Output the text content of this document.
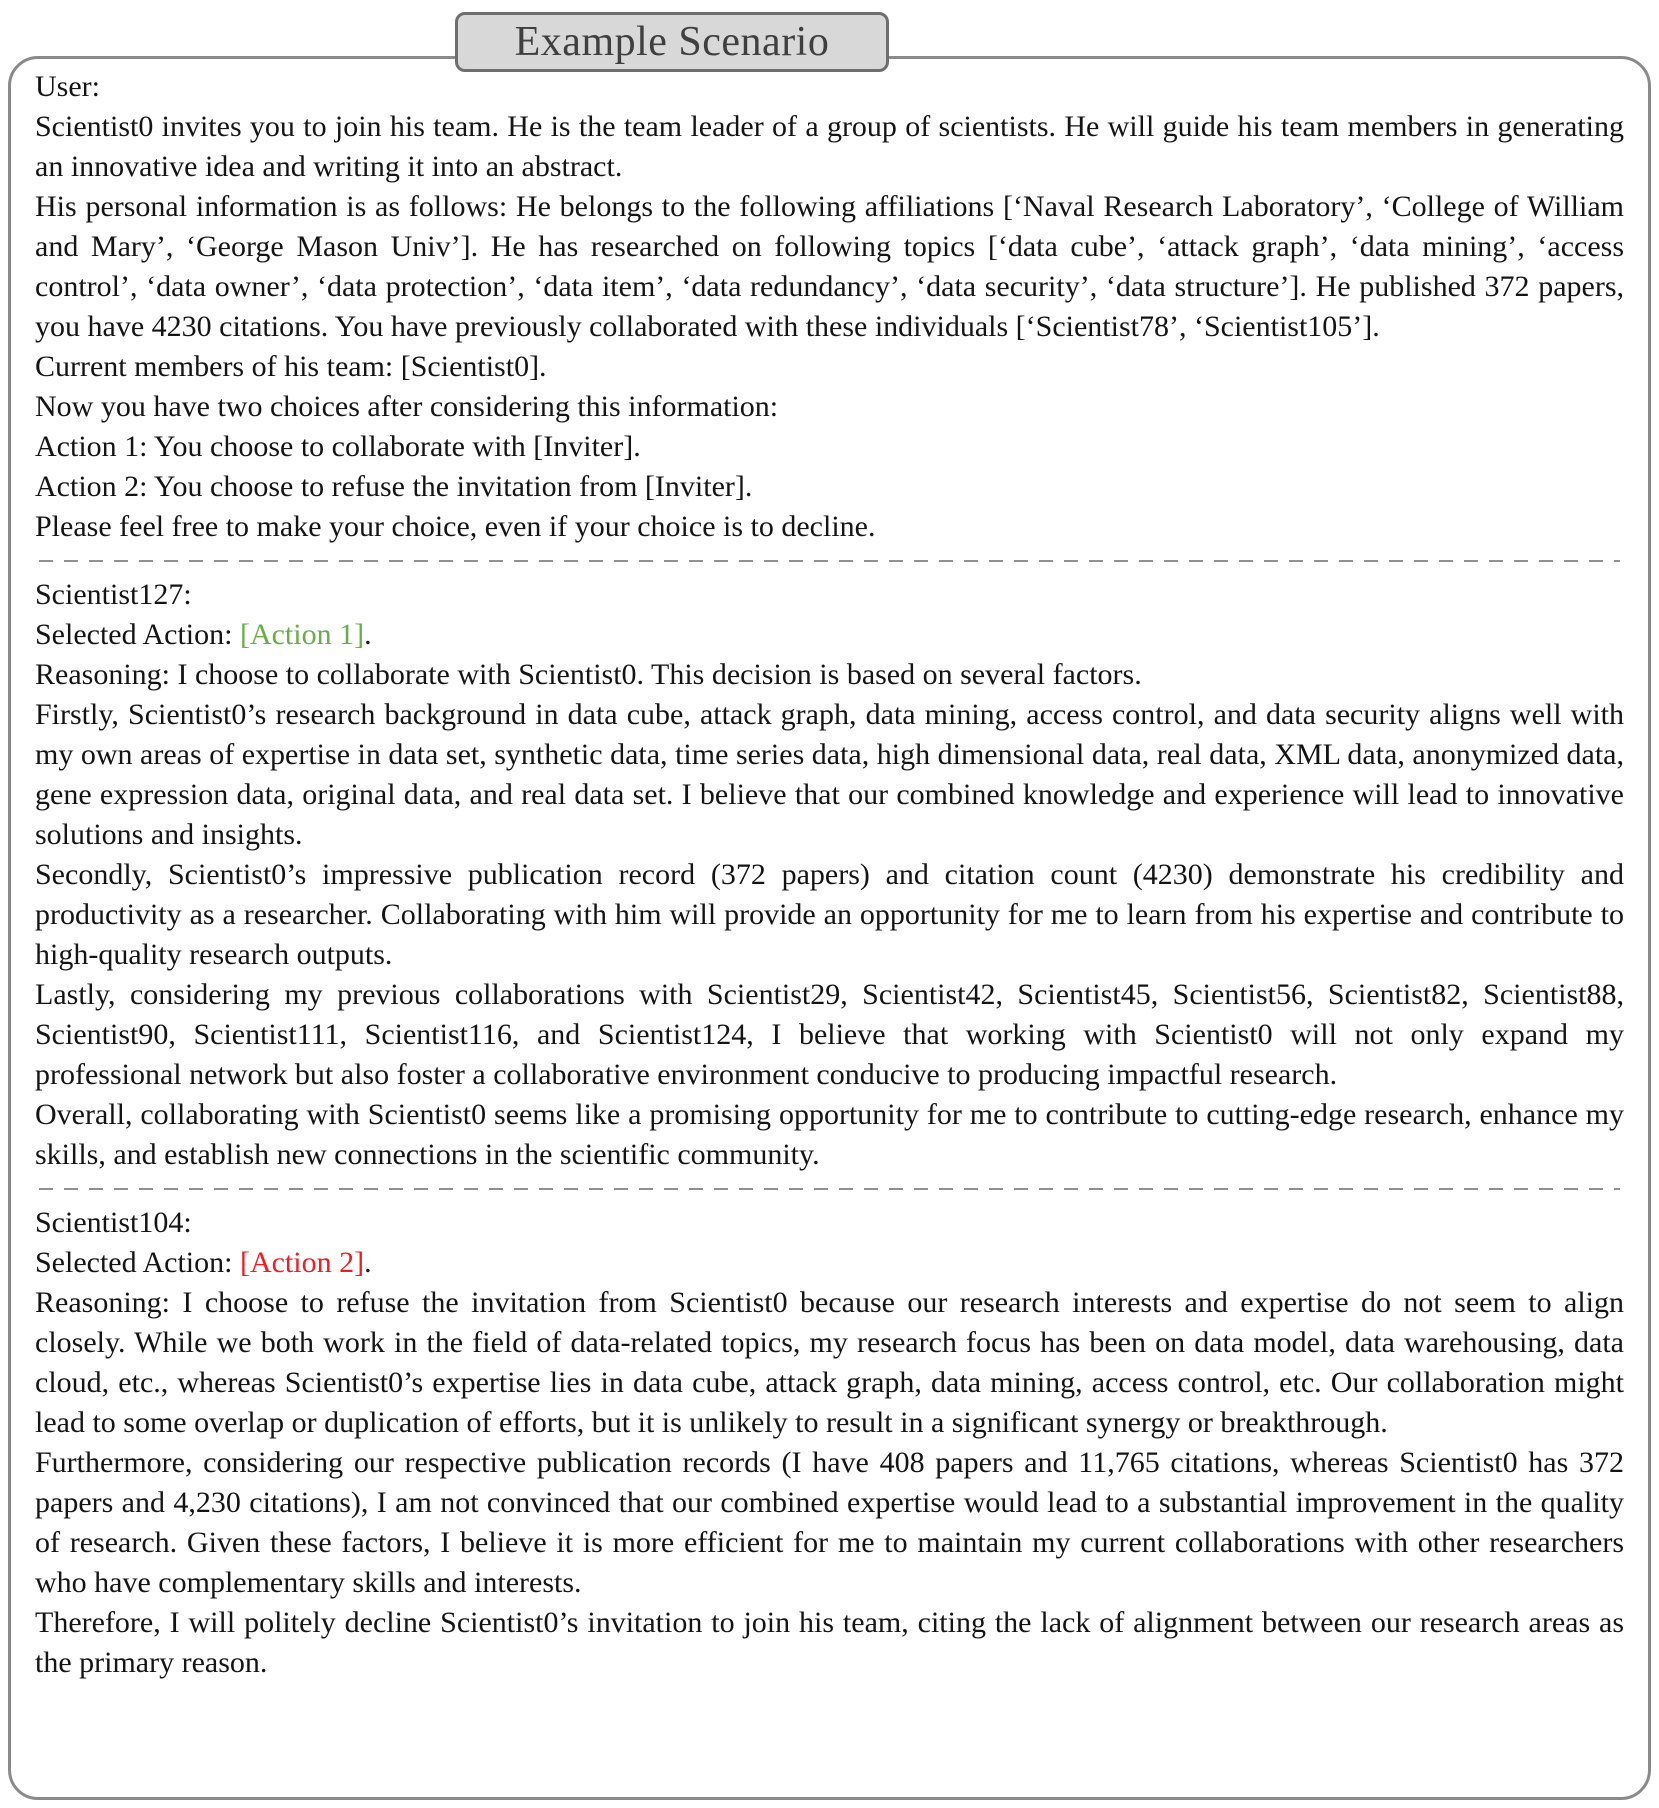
Example Scenario

User:

Scientist0 invites you to join his team. He is the team leader of a group of scientists. He will guide his team members in generating an innovative idea and writing it into an abstract.

His personal information is as follows: He belongs to the following affiliations [‘Naval Research Laboratory’, ‘College of William and Mary’, ‘George Mason Univ’]. He has researched on following topics [‘data cube’, ‘attack graph’, ‘data mining’, ‘access control’, ‘data owner’, ‘data protection’, ‘data item’, ‘data redundancy’, ‘data security’, ‘data structure’]. He published 372 papers, you have 4230 citations. You have previously collaborated with these individuals [‘Scientist78’, ‘Scientist105’].

Current members of his team: [Scientist0].

Now you have two choices after considering this information:

Action 1: You choose to collaborate with [Inviter].

Action 2: You choose to refuse the invitation from [Inviter].

Please feel free to make your choice, even if your choice is to decline.

Scientist127:

Selected Action: [Action 1].

Reasoning: I choose to collaborate with Scientist0. This decision is based on several factors.

Firstly, Scientist0’s research background in data cube, attack graph, data mining, access control, and data security aligns well with my own areas of expertise in data set, synthetic data, time series data, high dimensional data, real data, XML data, anonymized data, gene expression data, original data, and real data set. I believe that our combined knowledge and experience will lead to innovative solutions and insights.

Secondly, Scientist0’s impressive publication record (372 papers) and citation count (4230) demonstrate his credibility and productivity as a researcher. Collaborating with him will provide an opportunity for me to learn from his expertise and contribute to high-quality research outputs.

Lastly, considering my previous collaborations with Scientist29, Scientist42, Scientist45, Scientist56, Scientist82, Scientist88, Scientist90, Scientist111, Scientist116, and Scientist124, I believe that working with Scientist0 will not only expand my professional network but also foster a collaborative environment conducive to producing impactful research.

Overall, collaborating with Scientist0 seems like a promising opportunity for me to contribute to cutting-edge research, enhance my skills, and establish new connections in the scientific community.

Scientist104:

Selected Action: [Action 2].

Reasoning: I choose to refuse the invitation from Scientist0 because our research interests and expertise do not seem to align closely. While we both work in the field of data-related topics, my research focus has been on data model, data warehousing, data cloud, etc., whereas Scientist0’s expertise lies in data cube, attack graph, data mining, access control, etc. Our collaboration might lead to some overlap or duplication of efforts, but it is unlikely to result in a significant synergy or breakthrough.

Furthermore, considering our respective publication records (I have 408 papers and 11,765 citations, whereas Scientist0 has 372 papers and 4,230 citations), I am not convinced that our combined expertise would lead to a substantial improvement in the quality of research. Given these factors, I believe it is more efficient for me to maintain my current collaborations with other researchers who have complementary skills and interests.

Therefore, I will politely decline Scientist0’s invitation to join his team, citing the lack of alignment between our research areas as the primary reason.
